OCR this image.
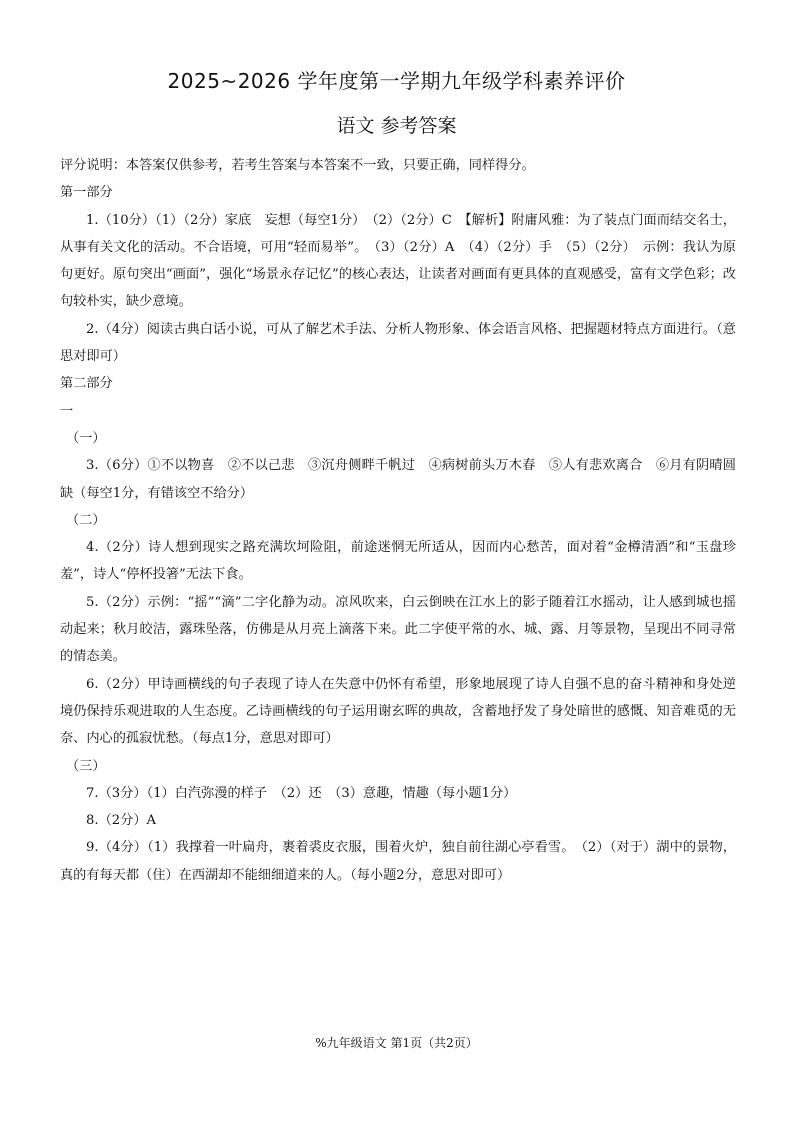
2025~2026 学年度第一学期九年级学科素养评价
语文 参考答案

评分说明：本答案仅供参考，若考生答案与本答案不一致，只要正确，同样得分。

第一部分

1.（10分）（1）（2分）家底　妄想（每空1分）　（2）（2分）C　【解析】附庸风雅：为了装点门面而结交名士，从事有关文化的活动。不合语境，可用“轻而易举”。　（3）（2分）A　（4）（2分）手　（5）（2分）　示例：我认为原句更好。原句突出“画面”，强化“场景永存记忆”的核心表达，让读者对画面有更具体的直观感受，富有文学色彩；改句较朴实，缺少意境。

2.（4分）阅读古典白话小说，可从了解艺术手法、分析人物形象、体会语言风格、把握题材特点方面进行。（意思对即可）

第二部分

一

（一）

3.（6分）①不以物喜　②不以己悲　③沉舟侧畔千帆过　④病树前头万木春　⑤人有悲欢离合　⑥月有阴晴圆缺（每空1分，有错该空不给分）

（二）

4.（2分）诗人想到现实之路充满坎坷险阻，前途迷惘无所适从，因而内心愁苦，面对着“金樽清酒”和“玉盘珍羞”，诗人“停杯投箸”无法下食。

5.（2分）示例：“摇”“滴”二字化静为动。凉风吹来，白云倒映在江水上的影子随着江水摇动，让人感到城也摇动起来；秋月皎洁，露珠坠落，仿佛是从月亮上滴落下来。此二字使平常的水、城、露、月等景物，呈现出不同寻常的情态美。

6.（2分）甲诗画横线的句子表现了诗人在失意中仍怀有希望，形象地展现了诗人自强不息的奋斗精神和身处逆境仍保持乐观进取的人生态度。乙诗画横线的句子运用谢玄晖的典故，含蓄地抒发了身处暗世的感慨、知音难觅的无奈、内心的孤寂忧愁。（每点1分，意思对即可）

（三）

7.（3分）（1）白汽弥漫的样子　（2）还　（3）意趣，情趣（每小题1分）

8.（2分）A

9.（4分）（1）我撑着一叶扁舟，裹着裘皮衣服，围着火炉，独自前往湖心亭看雪。　（2）（对于）湖中的景物，真的有每天都（住）在西湖却不能细细道来的人。（每小题2分，意思对即可）

%九年级语文 第1页（共2页）
